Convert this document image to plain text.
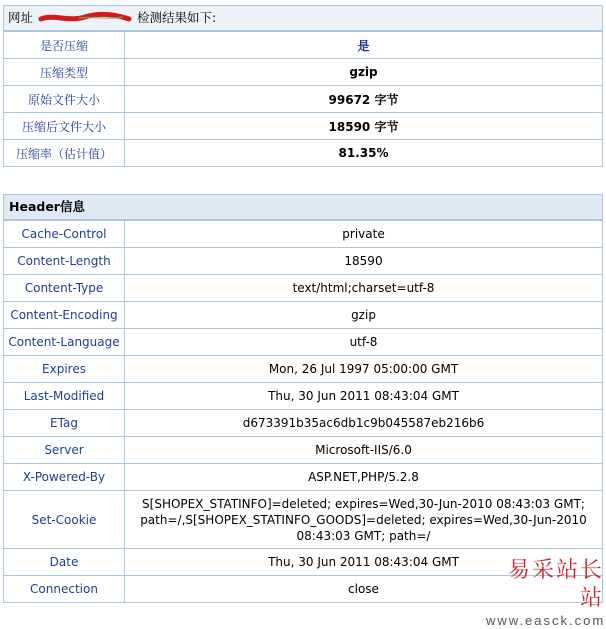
网址	检测结果如下:
是否压缩	是
压缩类型	gzip
原始文件大小	99672 字节
压缩后文件大小	18590 字节
压缩率（估计值）	81.35%
Header信息
Cache-Control	private
Content-Length	18590
Content-Type	text/html;charset=utf-8
Content-Encoding	gzip
Content-Language	utf-8
Expires	Mon, 26 Jul 1997 05:00:00 GMT
Last-Modified	Thu, 30 Jun 2011 08:43:04 GMT
ETag	d673391b35ac6db1c9b045587eb216b6
Server	Microsoft-IIS/6.0
X-Powered-By	ASP.NET,PHP/5.2.8
Set-Cookie	S[SHOPEX_STATINFO]=deleted; expires=Wed,30-Jun-2010 08:43:03 GMT; path=/,S[SHOPEX_STATINFO_GOODS]=deleted; expires=Wed,30-Jun-2010 08:43:03 GMT; path=/
Date	Thu, 30 Jun 2011 08:43:04 GMT
Connection	close
易采站长站
www.easck.com
